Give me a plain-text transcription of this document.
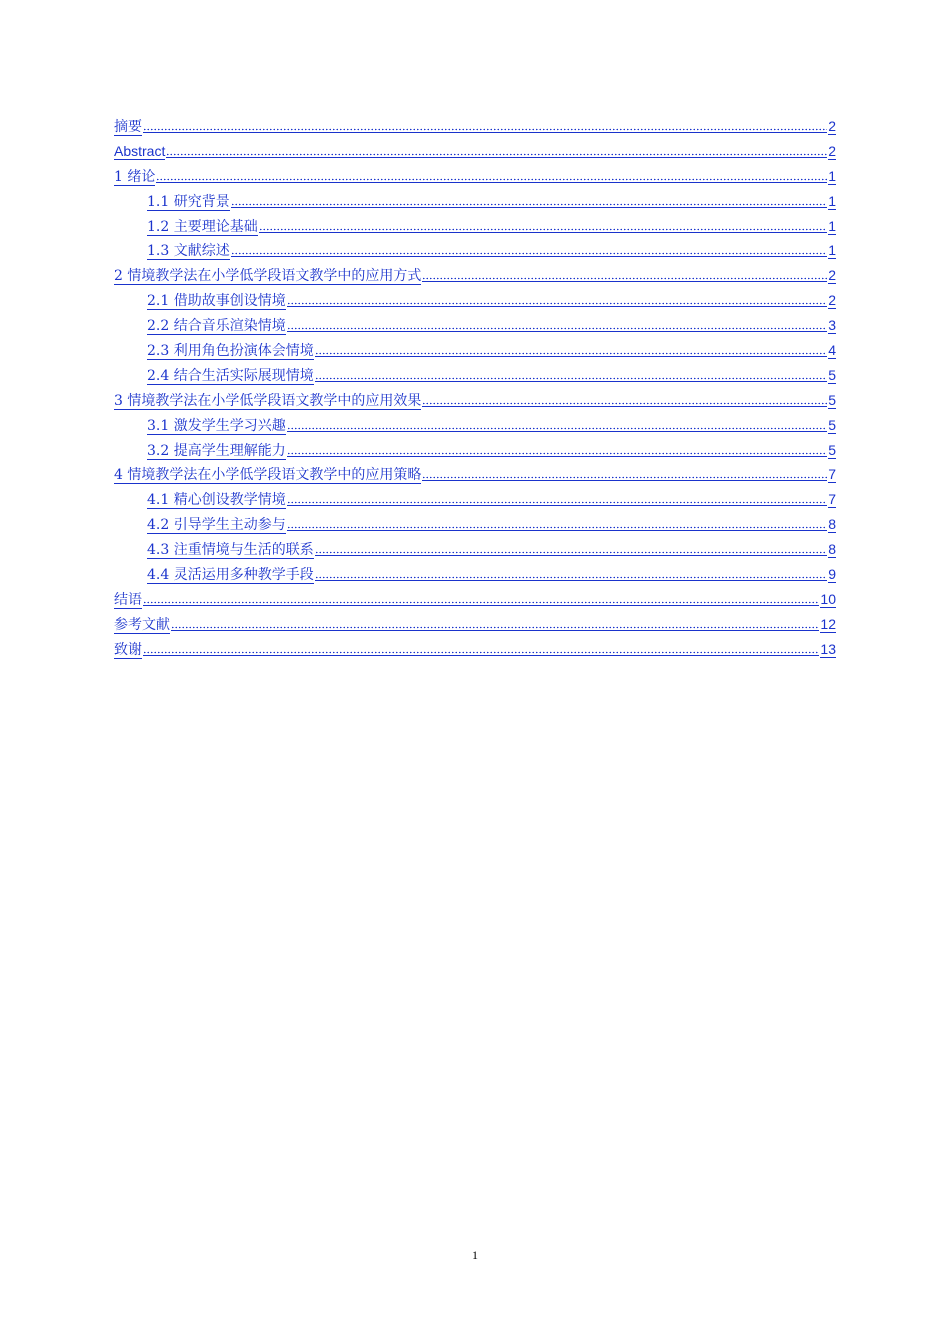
摘要	2
Abstract	2
1 绪论	1
1.1 研究背景	1
1.2 主要理论基础	1
1.3 文献综述	1
2 情境教学法在小学低学段语文教学中的应用方式	2
2.1 借助故事创设情境	2
2.2 结合音乐渲染情境	3
2.3 利用角色扮演体会情境	4
2.4 结合生活实际展现情境	5
3 情境教学法在小学低学段语文教学中的应用效果	5
3.1 激发学生学习兴趣	5
3.2 提高学生理解能力	5
4 情境教学法在小学低学段语文教学中的应用策略	7
4.1 精心创设教学情境	7
4.2 引导学生主动参与	8
4.3 注重情境与生活的联系	8
4.4 灵活运用多种教学手段	9
结语	10
参考文献	12
致谢	13
1
